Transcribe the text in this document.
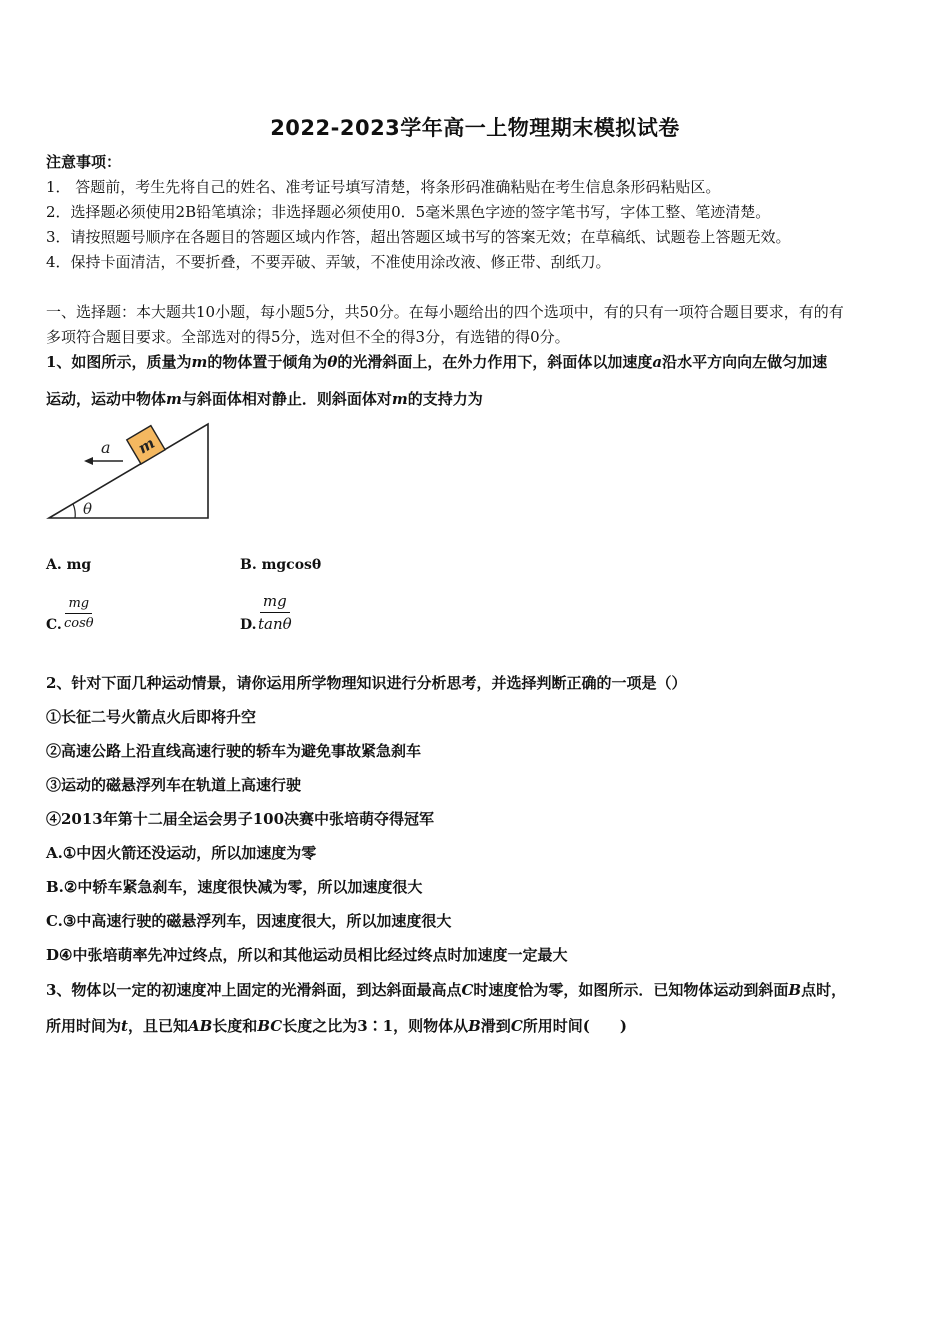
2022-2023学年高一上物理期末模拟试卷
注意事项：
1． 答题前，考生先将自己的姓名、准考证号填写清楚，将条形码准确粘贴在考生信息条形码粘贴区。
2．选择题必须使用2B铅笔填涂；非选择题必须使用0．5毫米黑色字迹的签字笔书写，字体工整、笔迹清楚。
3．请按照题号顺序在各题目的答题区域内作答，超出答题区域书写的答案无效；在草稿纸、试题卷上答题无效。
4．保持卡面清洁，不要折叠，不要弄破、弄皱，不准使用涂改液、修正带、刮纸刀。
一、选择题：本大题共10小题，每小题5分，共50分。在每小题给出的四个选项中，有的只有一项符合题目要求，有的有
多项符合题目要求。全部选对的得5分，选对但不全的得3分，有选错的得0分。
1、如图所示，质量为m的物体置于倾角为θ的光滑斜面上，在外力作用下，斜面体以加速度a沿水平方向向左做匀加速
运动，运动中物体m与斜面体相对静止．则斜面体对m的支持力为
m
a
θ
A. mg	B. mgcosθ
C. $\frac{mg}{\cos\theta}$	D. $\frac{mg}{\tan\theta}$
2、针对下面几种运动情景，请你运用所学物理知识进行分析思考，并选择判断正确的一项是（）
①长征二号火箭点火后即将升空
②高速公路上沿直线高速行驶的轿车为避免事故紧急刹车
③运动的磁悬浮列车在轨道上高速行驶
④2013年第十二届全运会男子100决赛中张培萌夺得冠军
A.①中因火箭还没运动，所以加速度为零
B.②中轿车紧急刹车，速度很快减为零，所以加速度很大
C.③中高速行驶的磁悬浮列车，因速度很大，所以加速度很大
D④中张培萌率先冲过终点，所以和其他运动员相比经过终点时加速度一定最大
3、物体以一定的初速度冲上固定的光滑斜面，到达斜面最高点C时速度恰为零，如图所示．已知物体运动到斜面B点时，
所用时间为t，且已知AB长度和BC长度之比为3∶1，则物体从B滑到C所用时间(　　)
